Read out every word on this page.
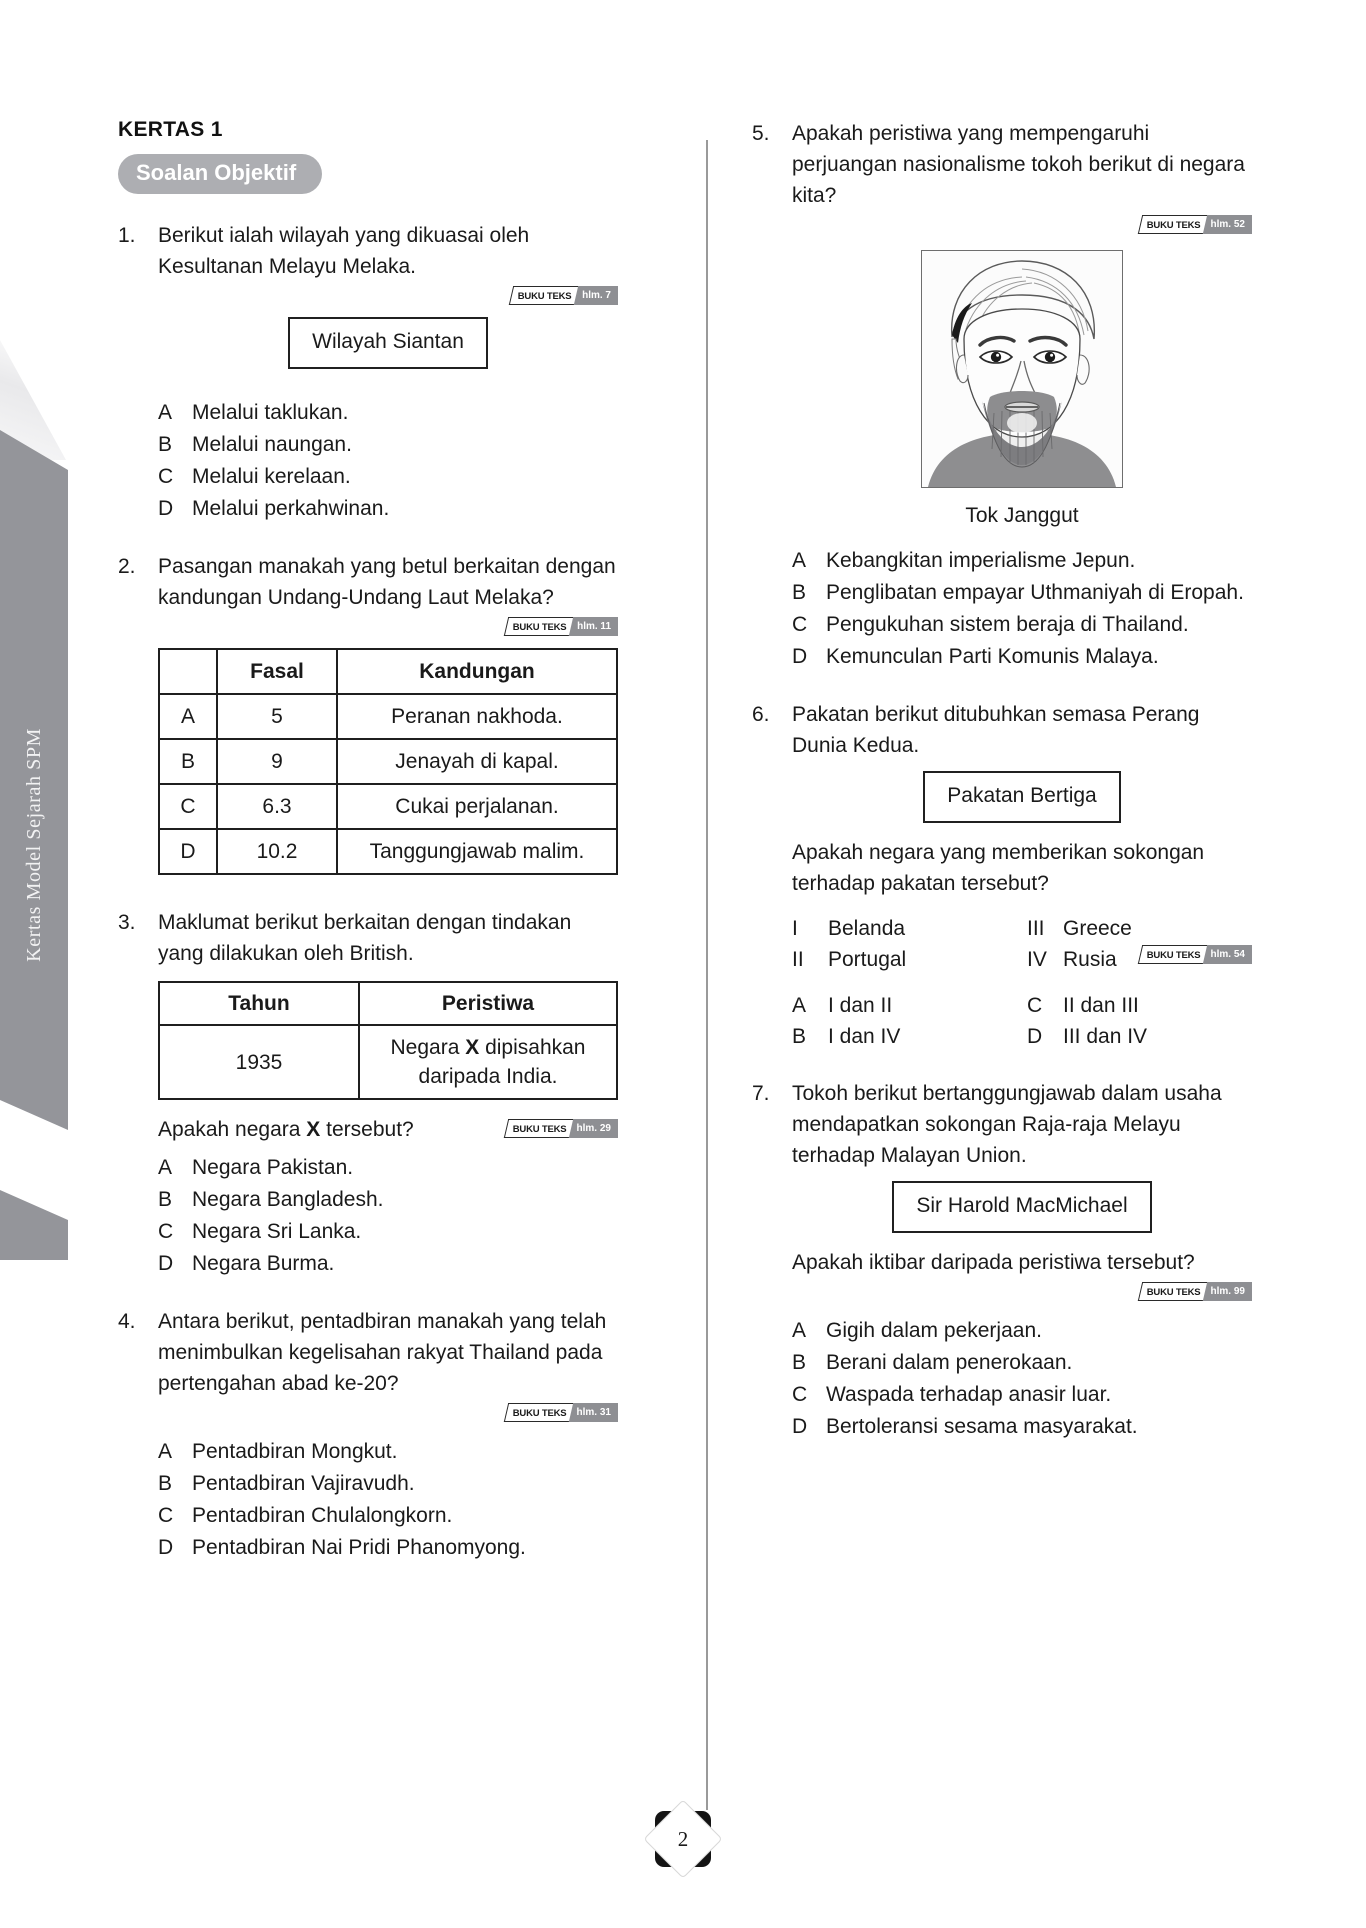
Kertas Model Sejarah SPM
KERTAS 1
Soalan Objektif
1.	Berikut ialah wilayah yang dikuasai oleh Kesultanan Melayu Melaka.

BUKU TEKS	hlm. 7
Wilayah Siantan
A Melalui taklukan.
B Melalui naungan.
C Melalui kerelaan.
D Melalui perkahwinan.
2.	Pasangan manakah yang betul berkaitan dengan kandungan Undang-Undang Laut Melaka?

BUKU TEKS	hlm. 11
	Fasal	Kandungan
A	5	Peranan nakhoda.
B	9	Jenayah di kapal.
C	6.3	Cukai perjalanan.
D	10.2	Tanggungjawab malim.
3.	Maklumat berikut berkaitan dengan tindakan yang dilakukan oleh British.

Tahun	Peristiwa
1935	Negara X dipisahkan daripada India.

Apakah negara X tersebut?	BUKU TEKS	hlm. 29
A Negara Pakistan.
B Negara Bangladesh.
C Negara Sri Lanka.
D Negara Burma.
4.	Antara berikut, pentadbiran manakah yang telah menimbulkan kegelisahan rakyat Thailand pada pertengahan abad ke-20?

BUKU TEKS	hlm. 31
A Pentadbiran Mongkut.
B Pentadbiran Vajiravudh.
C Pentadbiran Chulalongkorn.
D Pentadbiran Nai Pridi Phanomyong.
5.	Apakah peristiwa yang mempengaruhi perjuangan nasionalisme tokoh berikut di negara kita?

BUKU TEKS	hlm. 52
Tok Janggut
A Kebangkitan imperialisme Jepun.
B Penglibatan empayar Uthmaniyah di Eropah.
C Pengukuhan sistem beraja di Thailand.
D Kemunculan Parti Komunis Malaya.
6.	Pakatan berikut ditubuhkan semasa Perang Dunia Kedua.

Pakatan Bertiga

Apakah negara yang memberikan sokongan terhadap pakatan tersebut?

I	Belanda	III Greece
II	Portugal	IV Rusia	BUKU TEKS	hlm. 54
A	I dan II	C II dan III
B	I dan IV	D III dan IV
7.	Tokoh berikut bertanggungjawab dalam usaha mendapatkan sokongan Raja-raja Melayu terhadap Malayan Union.

Sir Harold MacMichael

Apakah iktibar daripada peristiwa tersebut?

BUKU TEKS	hlm. 99
A Gigih dalam pekerjaan.
B Berani dalam penerokaan.
C Waspada terhadap anasir luar.
D Bertoleransi sesama masyarakat.
2
